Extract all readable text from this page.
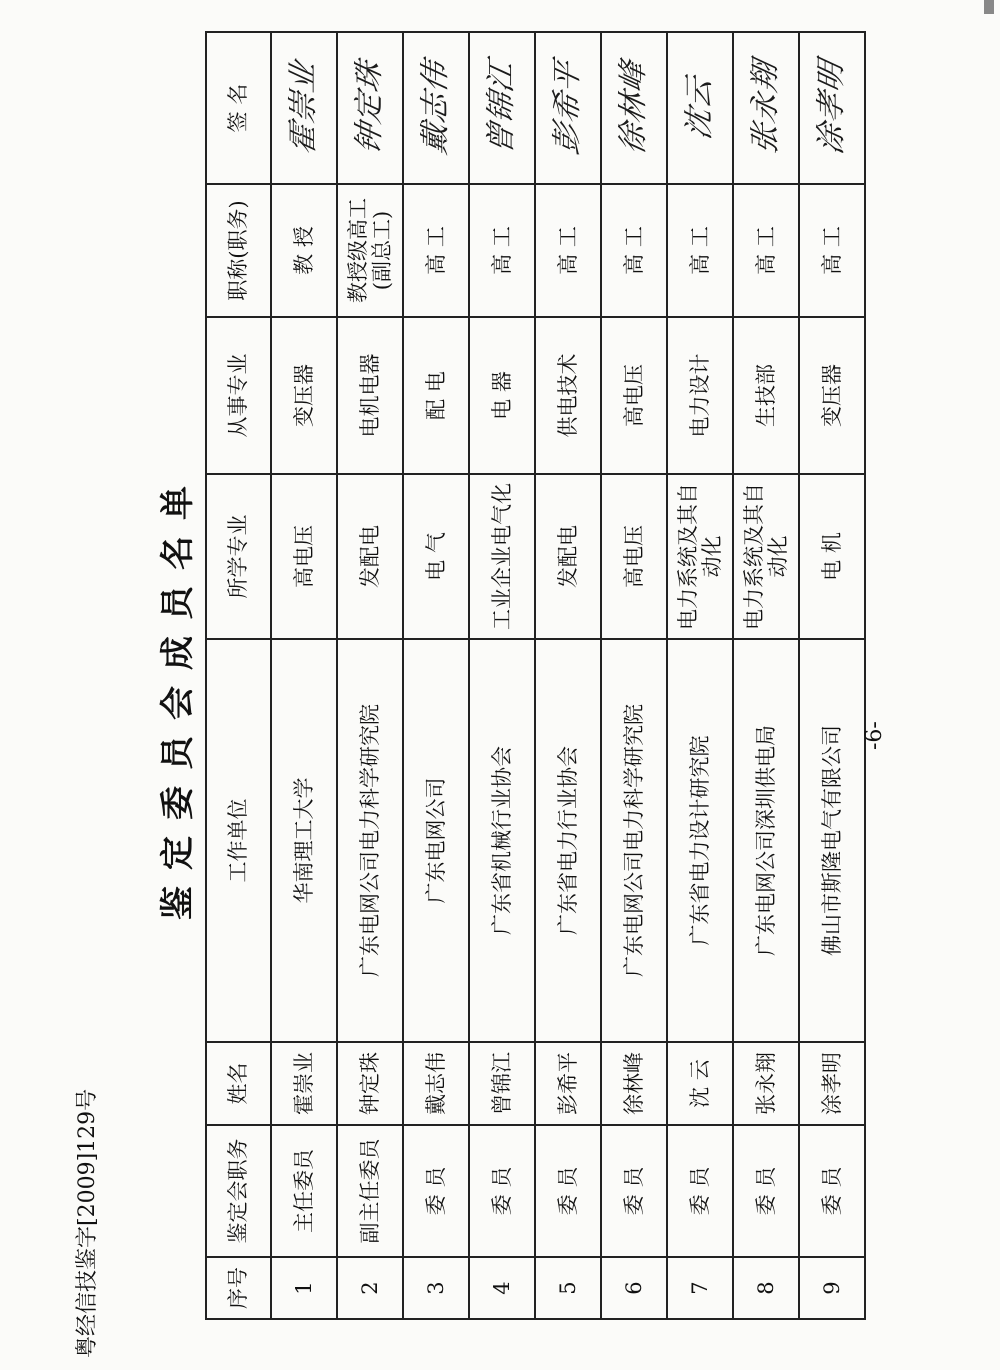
粤经信技鉴字[2009]129号
鉴定委员会成员名单
序号	鉴定会职务	姓名	工作单位	所学专业	从事专业	职称(职务)	签 名
1	主任委员	霍崇业	华南理工大学	高电压	变压器	教 授	霍崇业
2	副主任委员	钟定珠	广东电网公司电力科学研究院	发配电	电机电器	教授级高工(副总工)	钟定珠
3	委 员	戴志伟	广东电网公司	电 气	配 电	高 工	戴志伟
4	委 员	曾锦江	广东省机械行业协会	工业企业电气化	电 器	高 工	曾锦江
5	委 员	彭希平	广东省电力行业协会	发配电	供电技术	高 工	彭希平
6	委 员	徐林峰	广东电网公司电力科学研究院	高电压	高电压	高 工	徐林峰
7	委 员	沈 云	广东省电力设计研究院	电力系统及其自动化	电力设计	高 工	沈云
8	委 员	张永翔	广东电网公司深圳供电局	电力系统及其自动化	生技部	高 工	张永翔
9	委 员	涂孝明	佛山市斯隆电气有限公司	电 机	变压器	高 工	涂孝明
-6-
